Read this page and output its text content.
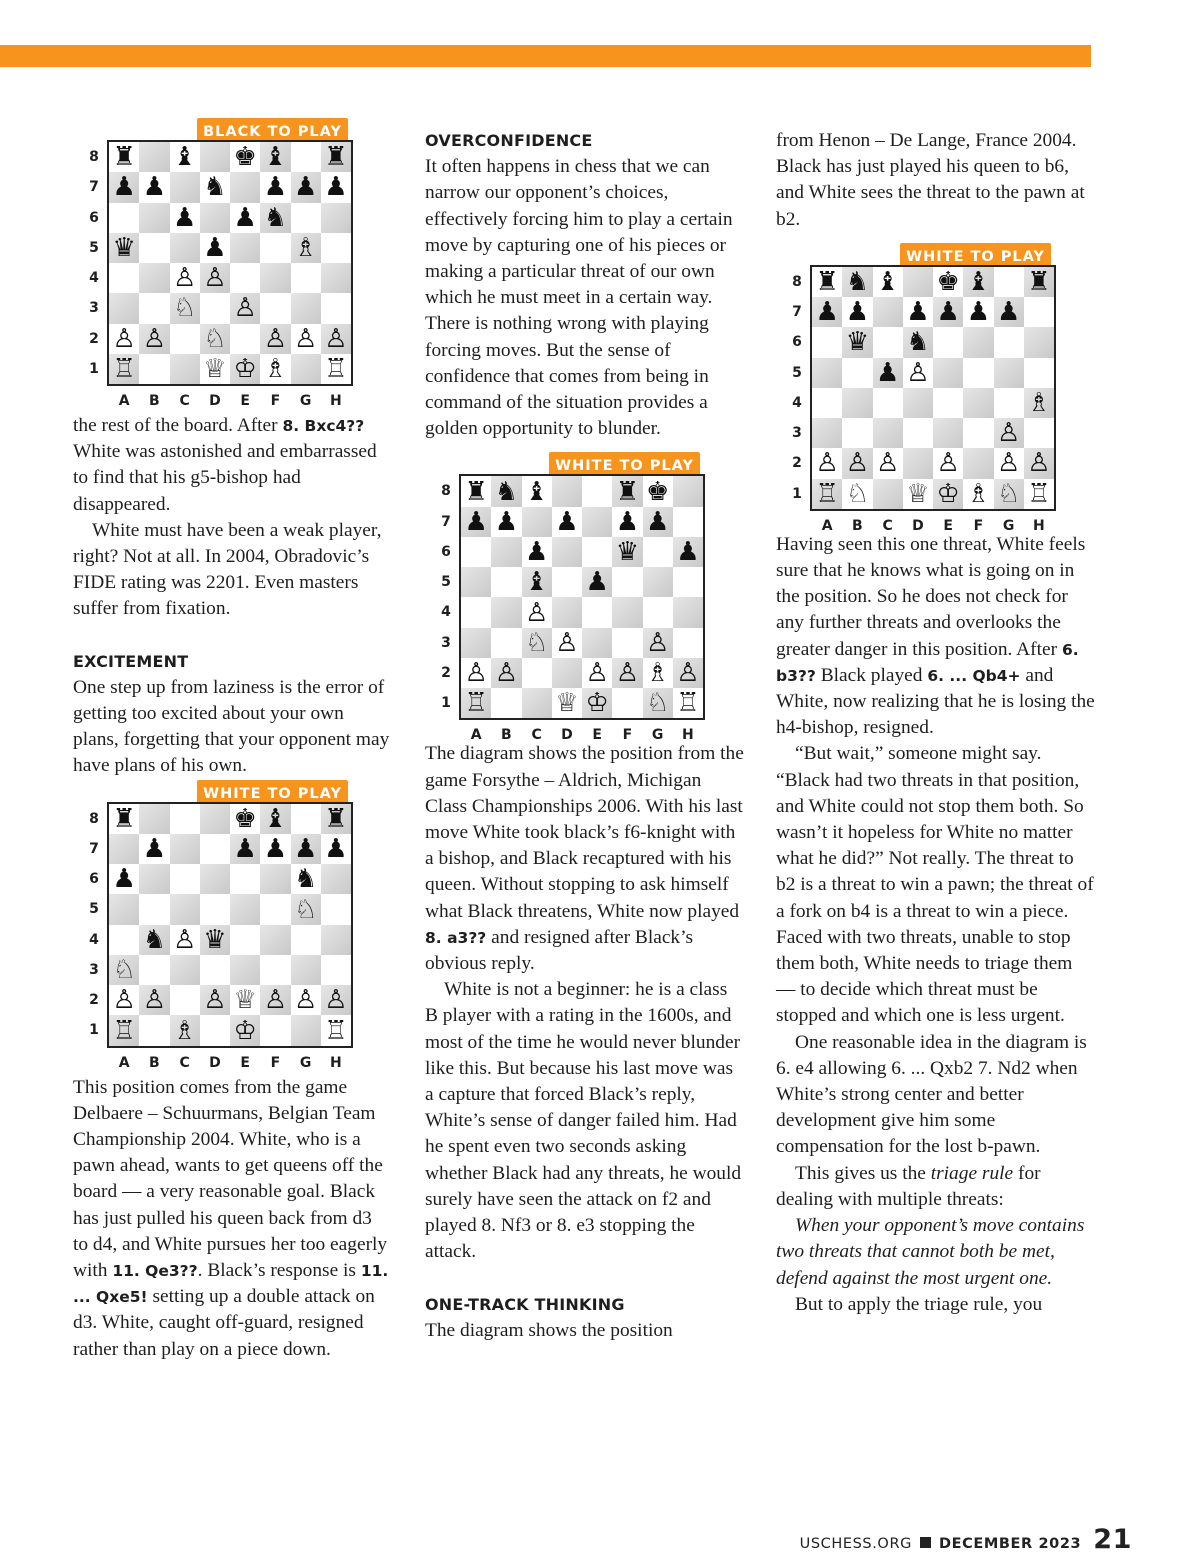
BLACK TO PLAY
♜ ♝ ♚ ♝ ♜
♟ ♟ ♞ ♟ ♟ ♟
♟ ♟ ♞
♛	♟	♗
♙ ♙
♘ ♙
♙ ♙ ♘ ♙ ♙ ♙
♖	♕ ♔ ♗ ♖
8
7
6
5
4
3
2
1
A	B	C	D	E	F	G	H

the rest of the board. After 8. Bxc4?? White was astonished and embarrassed to find that his g5-bishop had disappeared.

White must have been a weak player, right? Not at all. In 2004, Obradovic’s FIDE rating was 2201. Even masters suffer from fixation.

EXCITEMENT

One step up from laziness is the error of getting too excited about your own plans, forgetting that your opponent may have plans of his own.

WHITE TO PLAY
♜	♚ ♝ ♜
♟	♟ ♟ ♟ ♟
♟	♞
♘
♞ ♙ ♛
♘
♙ ♙ ♙ ♕ ♙ ♙ ♙
♖ ♗ ♔	♖
8
7
6
5
4
3
2
1
A	B	C	D	E	F	G	H

This position comes from the game Delbaere – Schuurmans, Belgian Team Championship 2004. White, who is a pawn ahead, wants to get queens off the board — a very reasonable goal. Black has just pulled his queen back from d3 to d4, and White pursues her too eagerly with 11. Qe3??. Black’s response is 11. ... Qxe5! setting up a double attack on d3. White, caught off-guard, resigned rather than play on a piece down.

OVERCONFIDENCE

It often happens in chess that we can narrow our opponent’s choices, effectively forcing him to play a certain move by capturing one of his pieces or making a particular threat of our own which he must meet in a certain way. There is nothing wrong with playing forcing moves. But the sense of confidence that comes from being in command of the situation provides a golden opportunity to blunder.

WHITE TO PLAY
♜ ♞ ♝	♜ ♚
♟ ♟ ♟ ♟ ♟
♟	♛ ♟
♝ ♟
♙
♘ ♙	♙
♙ ♙	♙ ♙ ♗ ♙
♖	♕ ♔ ♘ ♖
8
7
6
5
4
3
2
1
A	B	C	D	E	F	G	H

The diagram shows the position from the game Forsythe – Aldrich, Michigan Class Championships 2006. With his last move White took black’s f6-knight with a bishop, and Black recaptured with his queen. Without stopping to ask himself what Black threatens, White now played 8. a3?? and resigned after Black’s obvious reply.

White is not a beginner: he is a class B player with a rating in the 1600s, and most of the time he would never blunder like this. But because his last move was a capture that forced Black’s reply, White’s sense of danger failed him. Had he spent even two seconds asking whether Black had any threats, he would surely have seen the attack on f2 and played 8. Nf3 or 8. e3 stopping the attack.

ONE-TRACK THINKING

The diagram shows the position

from Henon – De Lange, France 2004. Black has just played his queen to b6, and White sees the threat to the pawn at b2.

WHITE TO PLAY
♜ ♞ ♝ ♚ ♝ ♜
♟ ♟ ♟ ♟ ♟ ♟
♛ ♞
♟ ♙
♗
♙
♙ ♙ ♙ ♙ ♙ ♙
♖ ♘ ♕ ♔ ♗ ♘ ♖
8
7
6
5
4
3
2
1
A	B	C	D	E	F	G	H

Having seen this one threat, White feels sure that he knows what is going on in the position. So he does not check for any further threats and overlooks the greater danger in this position. After 6. b3?? Black played 6. ... Qb4+ and White, now realizing that he is losing the h4-bishop, resigned.

“But wait,” someone might say. “Black had two threats in that position, and White could not stop them both. So wasn’t it hopeless for White no matter what he did?” Not really. The threat to b2 is a threat to win a pawn; the threat of a fork on b4 is a threat to win a piece. Faced with two threats, unable to stop them both, White needs to triage them — to decide which threat must be stopped and which one is less urgent.

One reasonable idea in the diagram is 6. e4 allowing 6. ... Qxb2 7. Nd2 when White’s strong center and better development give him some compensation for the lost b-pawn.

This gives us the triage rule for dealing with multiple threats:

When your opponent’s move contains two threats that cannot both be met, defend against the most urgent one.

But to apply the triage rule, you

USCHESS.ORG DECEMBER 2023 21
